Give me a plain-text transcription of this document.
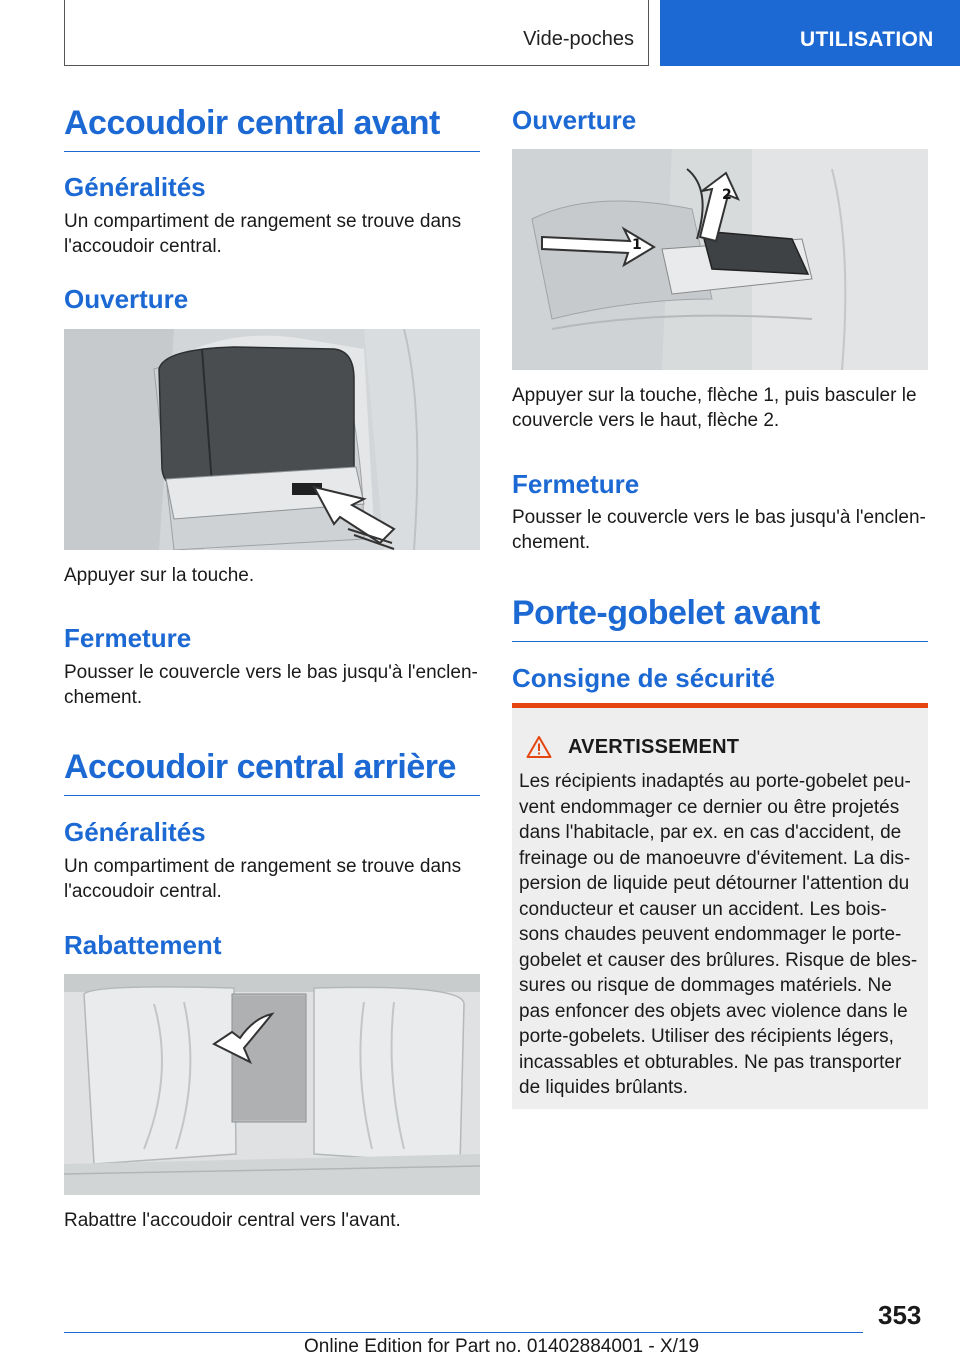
Vide-poches	UTILISATION
Accoudoir central avant
Généralités
Un compartiment de rangement se trouve dans l'accoudoir central.
Ouverture
Appuyer sur la touche.
Fermeture
Pousser le couvercle vers le bas jusqu'à l'enclen-chement.
Accoudoir central arrière
Généralités
Un compartiment de rangement se trouve dans l'accoudoir central.
Rabattement
Rabattre l'accoudoir central vers l'avant.
Ouverture
1
2
Appuyer sur la touche, flèche 1, puis basculer le couvercle vers le haut, flèche 2.
Fermeture
Pousser le couvercle vers le bas jusqu'à l'enclen-chement.
Porte-gobelet avant
Consigne de sécurité
AVERTISSEMENT
Les récipients inadaptés au porte-gobelet peu-vent endommager ce dernier ou être projetés dans l'habitacle, par ex. en cas d'accident, de freinage ou de manoeuvre d'évitement. La dis-persion de liquide peut détourner l'attention du conducteur et causer un accident. Les bois-sons chaudes peuvent endommager le porte-gobelet et causer des brûlures. Risque de bles-sures ou risque de dommages matériels. Ne pas enfoncer des objets avec violence dans le porte-gobelets. Utiliser des récipients légers, incassables et obturables. Ne pas transporter de liquides brûlants.
353
Online Edition for Part no. 01402884001 - X/19
